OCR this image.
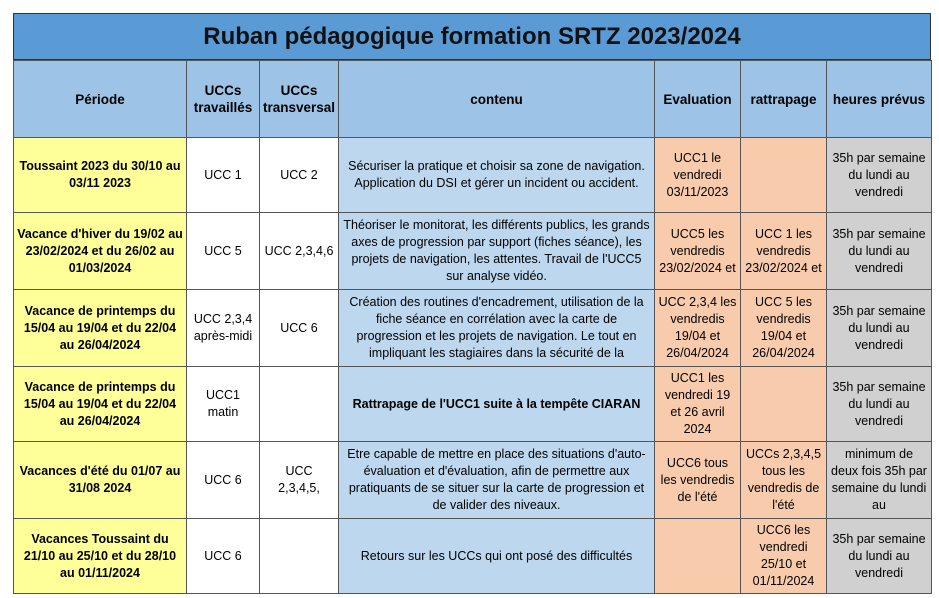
Ruban pédagogique formation SRTZ 2023/2024
Période	UCCs travaillés	UCCs transversal	contenu	Evaluation	rattrapage	heures prévus

Toussaint 2023 du 30/10 au 03/11 2023	UCC 1	UCC 2	Sécuriser la pratique et choisir sa zone de navigation. Application du DSI et gérer un incident ou accident.	UCC1 le vendredi 03/11/2023		35h par semaine du lundi au vendredi

Vacance d'hiver du 19/02 au 23/02/2024 et du 26/02 au 01/03/2024	UCC 5	UCC 2,3,4,6	Théoriser le monitorat, les différents publics, les grands axes de progression par support (fiches séance), les projets de navigation, les attentes. Travail de l'UCC5 sur analyse vidéo.	UCC5 les vendredis 23/02/2024 et	UCC 1 les vendredis 23/02/2024 et	35h par semaine du lundi au vendredi

Vacance de printemps du 15/04 au 19/04 et du 22/04 au 26/04/2024	UCC 2,3,4 après-midi	UCC 6	Création des routines d'encadrement, utilisation de la fiche séance en corrélation avec la carte de progression et les projets de navigation. Le tout en impliquant les stagiaires dans la sécurité de la	UCC 2,3,4 les vendredis 19/04 et 26/04/2024	UCC 5 les vendredis 19/04 et 26/04/2024	35h par semaine du lundi au vendredi

Vacance de printemps du 15/04 au 19/04 et du 22/04 au 26/04/2024	UCC1 matin		Rattrapage de l'UCC1 suite à la tempête CIARAN	UCC1 les vendredi 19 et 26 avril 2024		35h par semaine du lundi au vendredi

Vacances d'été du 01/07 au 31/08 2024	UCC 6	UCC 2,3,4,5,	Etre capable de mettre en place des situations d'auto-évaluation et d'évaluation, afin de permettre aux pratiquants de se situer sur la carte de progression et de valider des niveaux.	UCC6 tous les vendredis de l'été	UCCs 2,3,4,5 tous les vendredis de l'été	minimum de deux fois 35h par semaine du lundi au

Vacances Toussaint du 21/10 au 25/10 et du 28/10 au 01/11/2024	UCC 6		Retours sur les UCCs qui ont posé des difficultés		UCC6 les vendredi 25/10 et 01/11/2024	35h par semaine du lundi au vendredi
